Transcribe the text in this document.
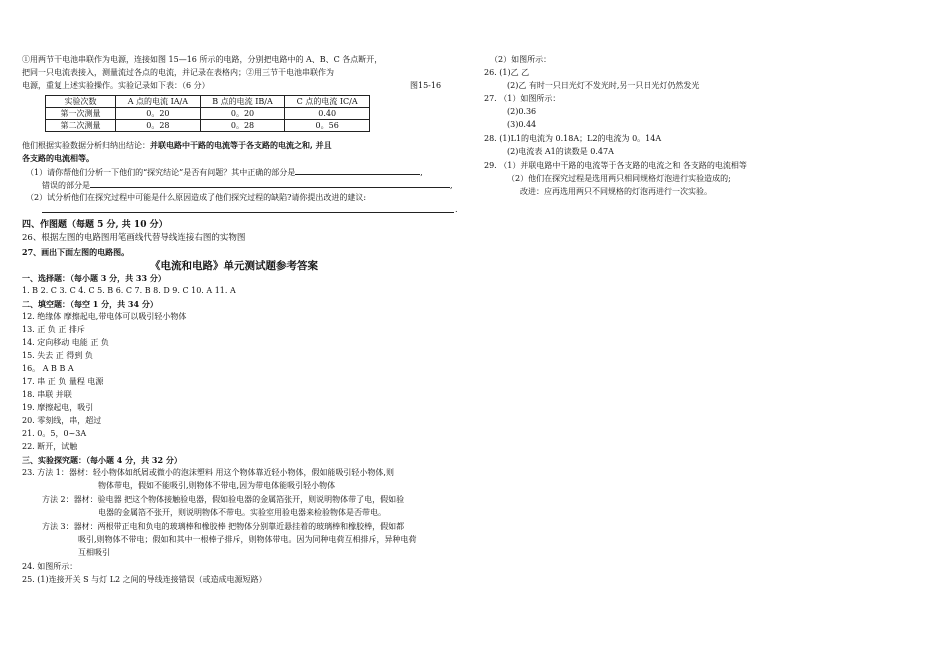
①用两节干电池串联作为电源，连接如图 15—16 所示的电路，分别把电路中的 A、B、C 各点断开，
把同一只电流表接入，测量流过各点的电流，并记录在表格内；②用三节干电池串联作为
电源，重复上述实验操作。实验记录如下表：（6 分）	图15-16
实验次数	A 点的电流 IA/A	B 点的电流 IB/A	C 点的电流 IC/A
第一次测量	0。20	0。20	0.40
第二次测量	0。28	0。28	0。56
他们根据实验数据分析归纳出结论：并联电路中干路的电流等于各支路的电流之和, 并且
各支路的电流相等。
（1）请你帮他们分析一下他们的“探究结论”是否有问题？其中正确的部分是	,
错误的部分是	,
（2）试分析他们在探究过程中可能是什么原因造成了他们探究过程的缺陷?请你提出改进的建议:
.
四、作图题（每题 5 分, 共 10 分）
26、根据左图的电路图用笔画线代替导线连接右图的实物图
27、画出下面左图的电路图。
《电流和电路》单元测试题参考答案
一、选择题：（每小题 3 分，共 33 分）
1. B 2. C 3. C 4. C 5. B 6. C 7. B 8. D 9. C 10. A 11. A
二、填空题：（每空 1 分，共 34 分）
12. 绝缘体 摩擦起电,带电体可以吸引轻小物体
13. 正 负 正 排斥
14. 定向移动 电能 正 负
15. 失去 正 得到 负
16。 A B B A
17. 串 正 负 量程 电源
18. 串联 并联
19. 摩擦起电，吸引
20. 零刻线，串，超过
21. 0。5，0~3A
22. 断开，试触
三、实验探究题：（每小题 4 分，共 32 分）
23. 方法 1：器材：轻小物体如纸屑或微小的泡沫塑料 用这个物体靠近轻小物体，假如能吸引轻小物体,则
物体带电，假如不能吸引,则物体不带电,因为带电体能吸引轻小物体
方法 2：器材：验电器 把这个物体接触验电器，假如验电器的金属箔张开，则说明物体带了电，假如验
电器的金属箔不张开，则说明物体不带电。实验室用验电器来检验物体是否带电。
方法 3：器材：两根带正电和负电的玻璃棒和橡胶棒 把物体分别靠近悬挂着的玻璃棒和橡胶棒，假如都
吸引,则物体不带电；假如和其中一根棒子排斥，则物体带电。因为同种电荷互相排斥，异种电荷
互相吸引
24. 如图所示：
25. (1)连接开关 S 与灯 L2 之间的导线连接错误（或造成电源短路）
（2）如图所示：
26. (1)乙 乙
(2)乙 有时一只日光灯不发光时,另一只日光灯仍然发光
27. （1）如图所示：
(2)0.36
(3)0.44
28. (1)L1的电流为 0.18A；L2的电流为 0。14A
(2)电流表 A1的读数是 0.47A
29. （1）并联电路中干路的电流等于各支路的电流之和 各支路的电流相等
（2）他们在探究过程是选用两只相同规格灯泡进行实验造成的;
改进：应再选用两只不同规格的灯泡再进行一次实验。
